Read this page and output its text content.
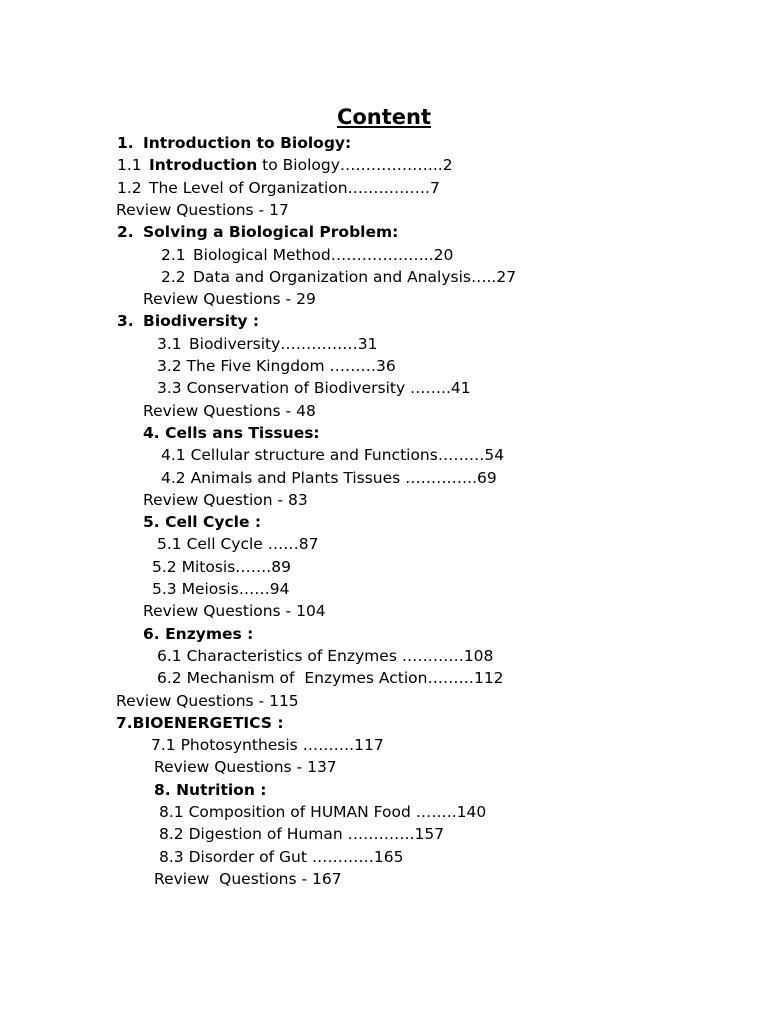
Content
1. Introduction to Biology:
1.1 Introduction to Biology………………..2
1.2 The Level of Organization…………….7
Review Questions - 17
2. Solving a Biological Problem:
2.1 Biological Method………………..20
2.2 Data and Organization and Analysis…..27
Review Questions - 29
3. Biodiversity :
3.1 Biodiversity……………31
3.2 The Five Kingdom ………36
3.3 Conservation of Biodiversity ……..41
Review Questions - 48
4. Cells ans Tissues:
4.1 Cellular structure and Functions………54
4.2 Animals and Plants Tissues …………..69
Review Question - 83
5. Cell Cycle :
5.1 Cell Cycle ……87
5.2 Mitosis…….89
5.3 Meiosis……94
Review Questions - 104
6. Enzymes :
6.1 Characteristics of Enzymes …………108
6.2 Mechanism of  Enzymes Action………112
Review Questions - 115
7.BIOENERGETICS :
7.1 Photosynthesis ……….117
Review Questions - 137
8. Nutrition :
8.1 Composition of HUMAN Food ……..140
8.2 Digestion of Human ………….157
8.3 Disorder of Gut …………165
Review  Questions - 167
